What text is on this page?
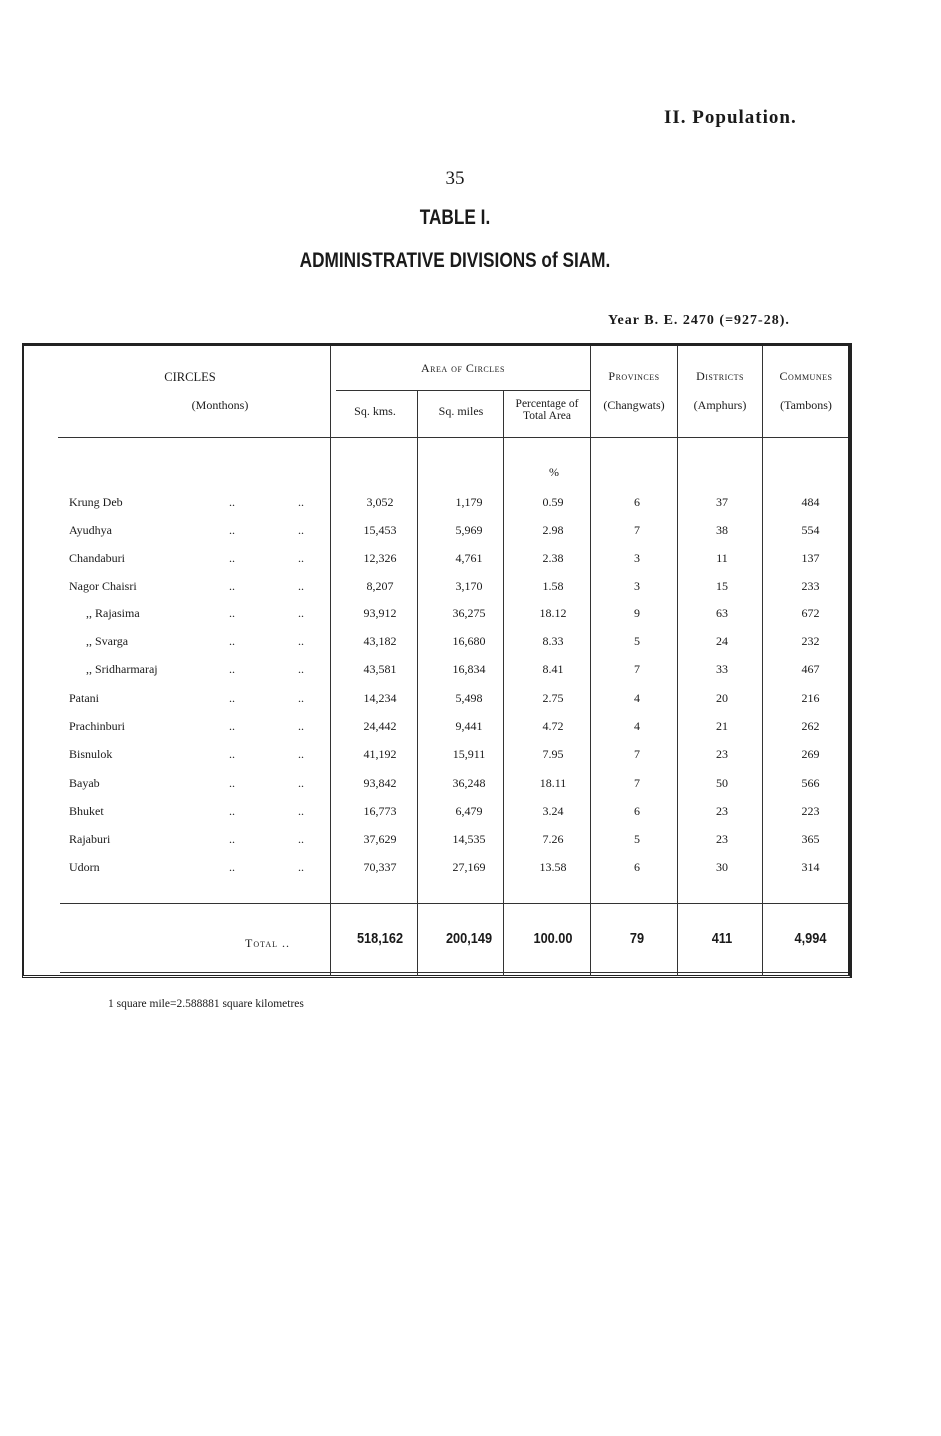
II. Population.
35
TABLE I.
ADMINISTRATIVE DIVISIONS of SIAM.
Year B. E. 2470 (=927-28).
CIRCLES
(Monthons)
Area of Circles
Sq. kms.	Sq. miles	Percentage of Total Area
Provinces
(Changwats)
Districts
(Amphurs)
Communes
(Tambons)
%
Krung Deb	..	..	3,052	1,179	0.59	6	37	484
Ayudhya	..	..	15,453	5,969	2.98	7	38	554
Chandaburi	..	..	12,326	4,761	2.38	3	11	137
Nagor Chaisri	..	..	8,207	3,170	1.58	3	15	233
,, Rajasima	..	..	93,912	36,275	18.12	9	63	672
,, Svarga	..	..	43,182	16,680	8.33	5	24	232
,, Sridharmaraj	..	..	43,581	16,834	8.41	7	33	467
Patani	..	..	14,234	5,498	2.75	4	20	216
Prachinburi	..	..	24,442	9,441	4.72	4	21	262
Bisnulok	..	..	41,192	15,911	7.95	7	23	269
Bayab	..	..	93,842	36,248	18.11	7	50	566
Bhuket	..	..	16,773	6,479	3.24	6	23	223
Rajaburi	..	..	37,629	14,535	7.26	5	23	365
Udorn	..	..	70,337	27,169	13.58	6	30	314
Total ..	518,162	200,149	100.00	79	411	4,994
1 square mile=2.588881 square kilometres
